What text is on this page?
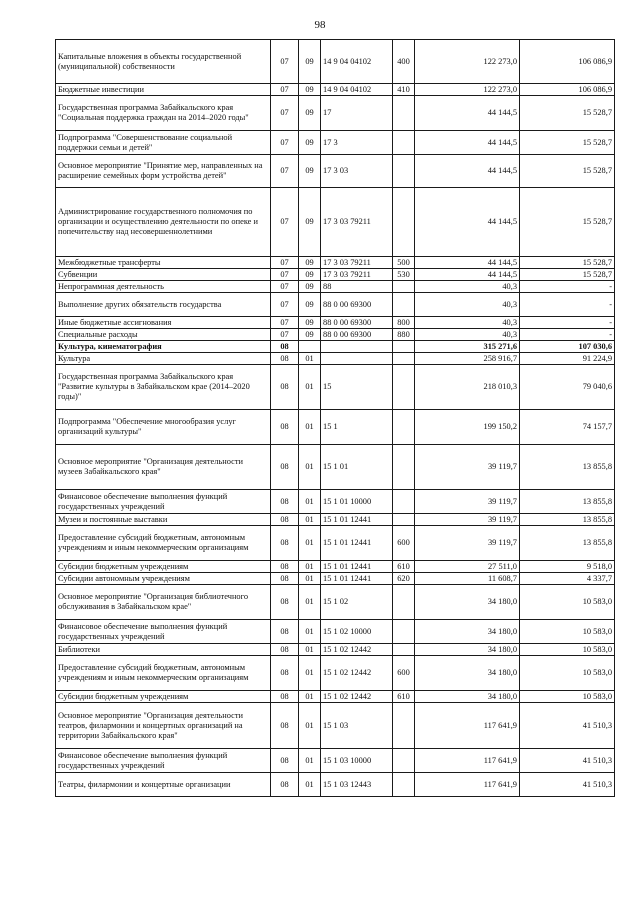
98
Капитальные вложения в объекты государственной (муниципальной) собственности	07	09	14 9 04 04102	400	122 273,0	106 086,9
Бюджетные инвестиции	07	09	14 9 04 04102	410	122 273,0	106 086,9
Государственная программа Забайкальского края "Социальная поддержка граждан на 2014–2020 годы"	07	09	17		44 144,5	15 528,7
Подпрограмма "Совершенствование социальной поддержки семьи и детей"	07	09	17 3		44 144,5	15 528,7
Основное мероприятие "Принятие мер, направленных на расширение семейных форм устройства детей"	07	09	17 3 03		44 144,5	15 528,7
Администрирование государственного полномочия по организации и осуществлению деятельности по опеке и попечительству над несовершеннолетними	07	09	17 3 03 79211		44 144,5	15 528,7
Межбюджетные трансферты	07	09	17 3 03 79211	500	44 144,5	15 528,7
Субвенции	07	09	17 3 03 79211	530	44 144,5	15 528,7
Непрограммная деятельность	07	09	88		40,3	-
Выполнение других обязательств государства	07	09	88 0 00 69300		40,3	-
Иные бюджетные ассигнования	07	09	88 0 00 69300	800	40,3	-
Специальные расходы	07	09	88 0 00 69300	880	40,3	-
Культура, кинематография	08				315 271,6	107 030,6
Культура	08	01			258 916,7	91 224,9
Государственная программа Забайкальского края "Развитие культуры в Забайкальском крае (2014–2020 годы)"	08	01	15		218 010,3	79 040,6
Подпрограмма "Обеспечение многообразия услуг организаций культуры"	08	01	15 1		199 150,2	74 157,7
Основное мероприятие "Организация деятельности музеев Забайкальского края"	08	01	15 1 01		39 119,7	13 855,8
Финансовое обеспечение выполнения функций государственных учреждений	08	01	15 1 01 10000		39 119,7	13 855,8
Музеи и постоянные выставки	08	01	15 1 01 12441		39 119,7	13 855,8
Предоставление субсидий бюджетным, автономным учреждениям и иным некоммерческим организациям	08	01	15 1 01 12441	600	39 119,7	13 855,8
Субсидии бюджетным учреждениям	08	01	15 1 01 12441	610	27 511,0	9 518,0
Субсидии автономным учреждениям	08	01	15 1 01 12441	620	11 608,7	4 337,7
Основное мероприятие "Организация библиотечного обслуживания в Забайкальском крае"	08	01	15 1 02		34 180,0	10 583,0
Финансовое обеспечение выполнения функций государственных учреждений	08	01	15 1 02 10000		34 180,0	10 583,0
Библиотеки	08	01	15 1 02 12442		34 180,0	10 583,0
Предоставление субсидий бюджетным, автономным учреждениям и иным некоммерческим организациям	08	01	15 1 02 12442	600	34 180,0	10 583,0
Субсидии бюджетным учреждениям	08	01	15 1 02 12442	610	34 180,0	10 583,0
Основное мероприятие "Организация деятельности театров, филармонии и концертных организаций на территории Забайкальского края"	08	01	15 1 03		117 641,9	41 510,3
Финансовое обеспечение выполнения функций государственных учреждений	08	01	15 1 03 10000		117 641,9	41 510,3
Театры, филармонии и концертные организации	08	01	15 1 03 12443		117 641,9	41 510,3
